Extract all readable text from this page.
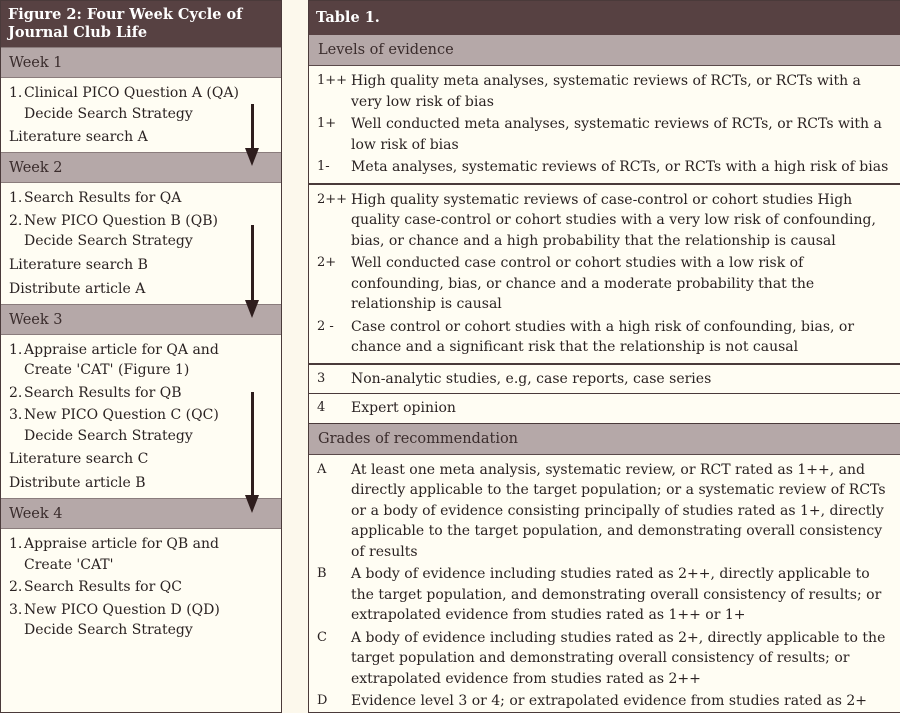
Figure 2: Four Week Cycle of Journal Club Life
Week 1
1. Clinical PICO Question A (QA)
Decide Search Strategy
Literature search A
Week 2
1. Search Results for QA
2. New PICO Question B (QB)
Decide Search Strategy
Literature search B
Distribute article A
Week 3
1. Appraise article for QA and
Create 'CAT' (Figure 1)
2. Search Results for QB
3. New PICO Question C (QC)
Decide Search Strategy
Literature search C
Distribute article B
Week 4
1. Appraise article for QB and
Create 'CAT'
2. Search Results for QC
3. New PICO Question D (QD)
Decide Search Strategy
Table 1.
Levels of evidence
1++ High quality meta analyses, systematic reviews of RCTs, or RCTs with a very low risk of bias
1+	Well conducted meta analyses, systematic reviews of RCTs, or RCTs with a low risk of bias
1-	Meta analyses, systematic reviews of RCTs, or RCTs with a high risk of bias
2++ High quality systematic reviews of case-control or cohort studies High quality case-control or cohort studies with a very low risk of confounding, bias, or chance and a high probability that the relationship is causal
2+	Well conducted case control or cohort studies with a low risk of confounding, bias, or chance and a moderate probability that the relationship is causal
2 -	Case control or cohort studies with a high risk of confounding, bias, or chance and a significant risk that the relationship is not causal
3	Non-analytic studies, e.g, case reports, case series
4	Expert opinion
Grades of recommendation
A	At least one meta analysis, systematic review, or RCT rated as 1++, and directly applicable to the target population; or a systematic review of RCTs or a body of evidence consisting principally of studies rated as 1+, directly applicable to the target population, and demonstrating overall consistency of results
B	A body of evidence including studies rated as 2++, directly applicable to the target population, and demonstrating overall consistency of results; or extrapolated evidence from studies rated as 1++ or 1+
C	A body of evidence including studies rated as 2+, directly applicable to the target population and demonstrating overall consistency of results; or extrapolated evidence from studies rated as 2++
D	Evidence level 3 or 4; or extrapolated evidence from studies rated as 2+
